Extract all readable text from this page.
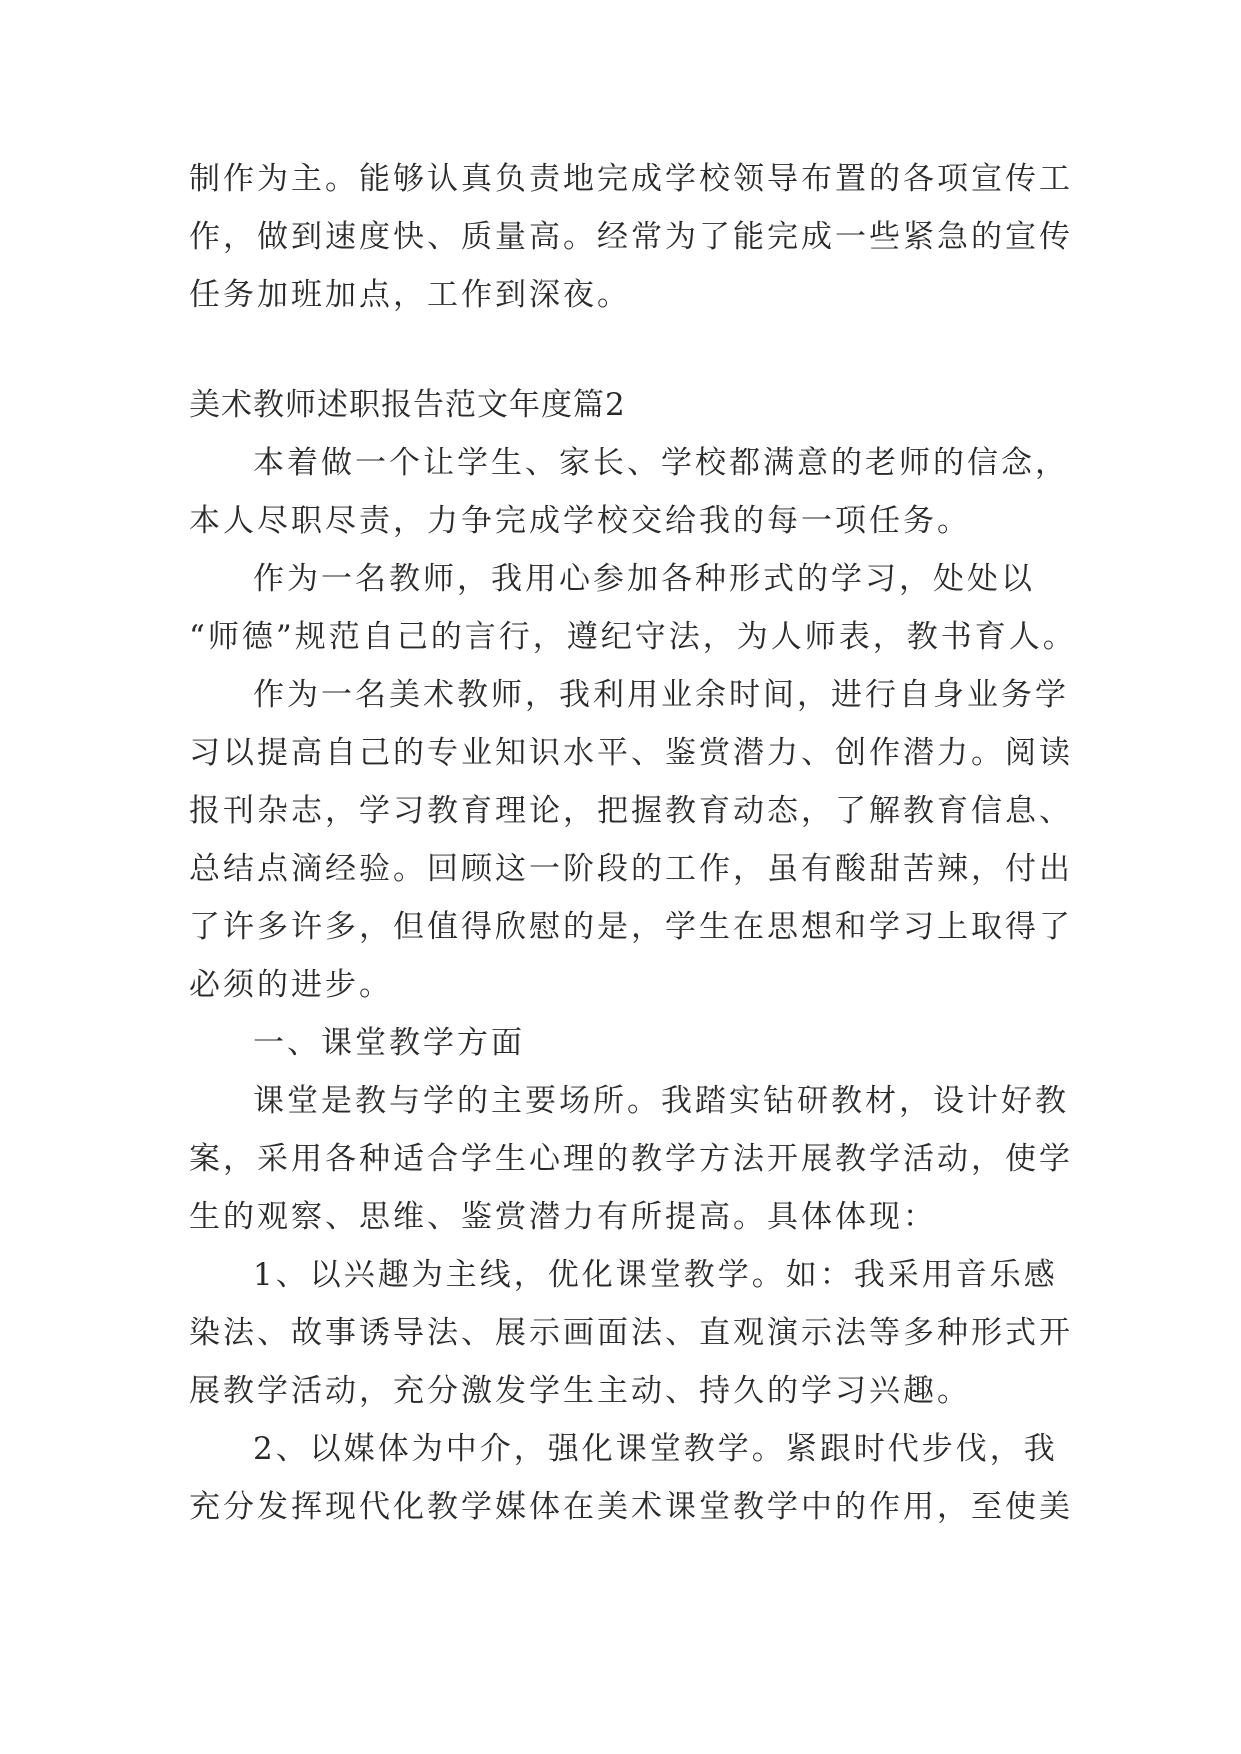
制作为主。能够认真负责地完成学校领导布置的各项宣传工
作，做到速度快、质量高。经常为了能完成一些紧急的宣传
任务加班加点，工作到深夜。
美术教师述职报告范文年度篇2
本着做一个让学生、家长、学校都满意的老师的信念，
本人尽职尽责，力争完成学校交给我的每一项任务。
作为一名教师，我用心参加各种形式的学习，处处以
“师德”规范自己的言行，遵纪守法，为人师表，教书育人。
作为一名美术教师，我利用业余时间，进行自身业务学
习以提高自己的专业知识水平、鉴赏潜力、创作潜力。阅读
报刊杂志，学习教育理论，把握教育动态，了解教育信息、
总结点滴经验。回顾这一阶段的工作，虽有酸甜苦辣，付出
了许多许多，但值得欣慰的是，学生在思想和学习上取得了
必须的进步。
一、课堂教学方面
课堂是教与学的主要场所。我踏实钻研教材，设计好教
案，采用各种适合学生心理的教学方法开展教学活动，使学
生的观察、思维、鉴赏潜力有所提高。具体体现：
1、以兴趣为主线，优化课堂教学。如：我采用音乐感
染法、故事诱导法、展示画面法、直观演示法等多种形式开
展教学活动，充分激发学生主动、持久的学习兴趣。
2、以媒体为中介，强化课堂教学。紧跟时代步伐，我
充分发挥现代化教学媒体在美术课堂教学中的作用，至使美
